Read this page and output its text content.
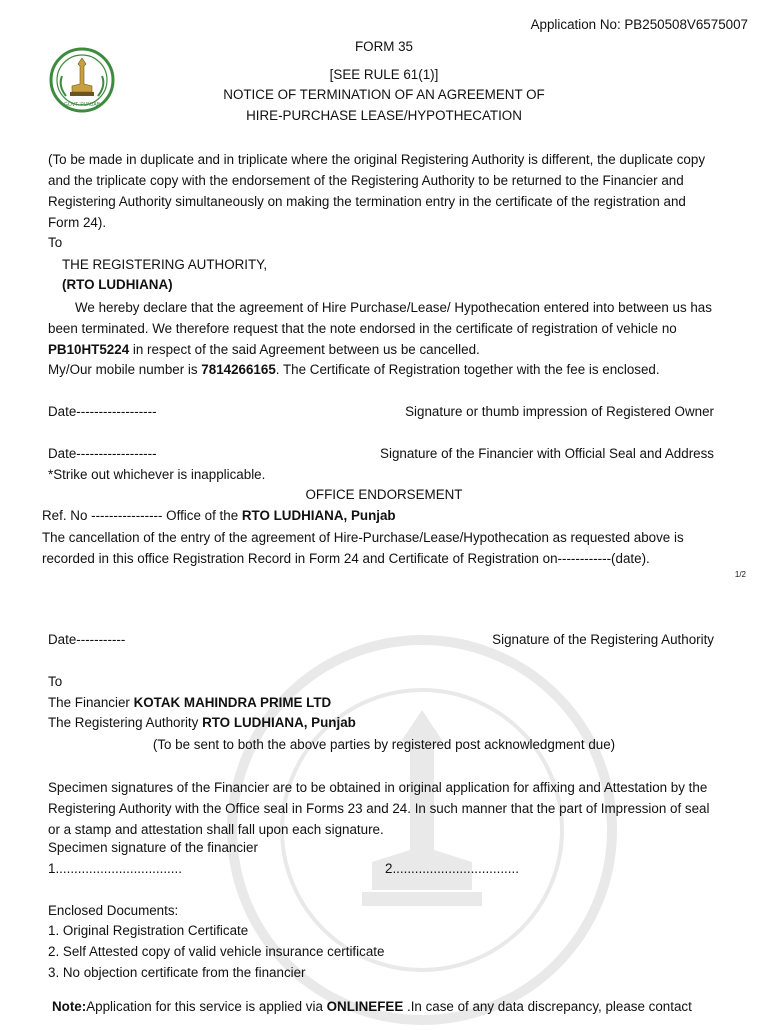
GOVT. PUNJAB
Application No: PB250508V6575007
FORM 35
[SEE RULE 61(1)]
NOTICE OF TERMINATION OF AN AGREEMENT OF
HIRE-PURCHASE LEASE/HYPOTHECATION
(To be made in duplicate and in triplicate where the original Registering Authority is different, the duplicate copy and the triplicate copy with the endorsement of the Registering Authority to be returned to the Financier and Registering Authority simultaneously on making the termination entry in the certificate of the registration and Form 24).
To
THE REGISTERING AUTHORITY,
(RTO LUDHIANA)
We hereby declare that the agreement of Hire Purchase/Lease/ Hypothecation entered into between us has been terminated. We therefore request that the note endorsed in the certificate of registration of vehicle no PB10HT5224 in respect of the said Agreement between us be cancelled.
My/Our mobile number is 7814266165. The Certificate of Registration together with the fee is enclosed.
Date------------------	Signature or thumb impression of Registered Owner
Date------------------	Signature of the Financier with Official Seal and Address
*Strike out whichever is inapplicable.
OFFICE ENDORSEMENT
Ref. No ---------------- Office of the RTO LUDHIANA, Punjab
The cancellation of the entry of the agreement of Hire-Purchase/Lease/Hypothecation as requested above is recorded in this office Registration Record in Form 24 and Certificate of Registration on------------(date).
1/2
Date-----------	Signature of the Registering Authority
To
The Financier KOTAK MAHINDRA PRIME LTD
The Registering Authority RTO LUDHIANA, Punjab
(To be sent to both the above parties by registered post acknowledgment due)
Specimen signatures of the Financier are to be obtained in original application for affixing and Attestation by the Registering Authority with the Office seal in Forms 23 and 24. In such manner that the part of Impression of seal or a stamp and attestation shall fall upon each signature.
Specimen signature of the financier
1..................................	2..................................
Enclosed Documents:
1. Original Registration Certificate
2. Self Attested copy of valid vehicle insurance certificate
3. No objection certificate from the financier
Note:Application for this service is applied via ONLINEFEE .In case of any data discrepancy, please contact
